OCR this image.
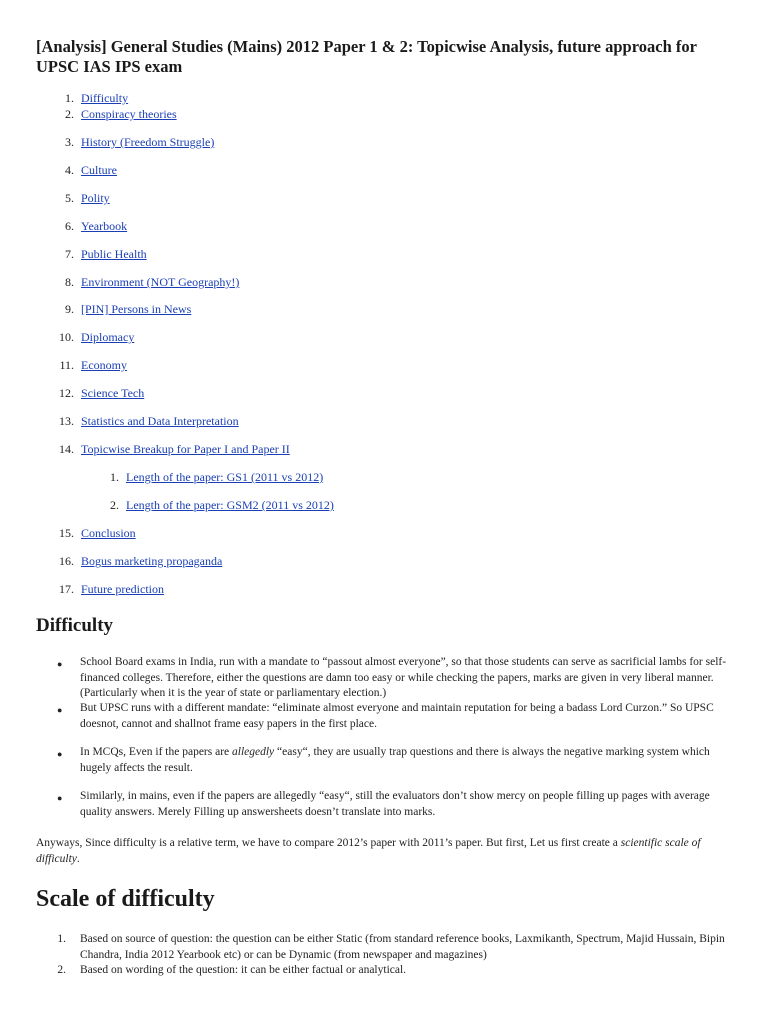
[Analysis] General Studies (Mains) 2012 Paper 1 & 2: Topicwise Analysis, future approach for UPSC IAS IPS exam
1. Difficulty
2. Conspiracy theories
3. History (Freedom Struggle)
4. Culture
5. Polity
6. Yearbook
7. Public Health
8. Environment (NOT Geography!)
9. [PIN] Persons in News
10. Diplomacy
11. Economy
12. Science Tech
13. Statistics and Data Interpretation
14. Topicwise Breakup for Paper I and Paper II
1. Length of the paper: GS1 (2011 vs 2012)
2. Length of the paper: GSM2 (2011 vs 2012)
15. Conclusion
16. Bogus marketing propaganda
17. Future prediction
Difficulty
● School Board exams in India, run with a mandate to “passout almost everyone”, so that those students can serve as sacrificial lambs for self-financed colleges. Therefore, either the questions are damn too easy or while checking the papers, marks are given in very liberal manner. (Particularly when it is the year of state or parliamentary election.)
● But UPSC runs with a different mandate: “eliminate almost everyone and maintain reputation for being a badass Lord Curzon.” So UPSC doesnot, cannot and shallnot frame easy papers in the first place.
● In MCQs, Even if the papers are allegedly “easy“, they are usually trap questions and there is always the negative marking system which hugely affects the result.
● Similarly, in mains, even if the papers are allegedly “easy“, still the evaluators don’t show mercy on people filling up pages with average quality answers. Merely Filling up answersheets doesn’t translate into marks.
Anyways, Since difficulty is a relative term, we have to compare 2012’s paper with 2011’s paper. But first, Let us first create a scientific scale of difficulty.
Scale of difficulty
1. Based on source of question: the question can be either Static (from standard reference books, Laxmikanth, Spectrum, Majid Hussain, Bipin Chandra, India 2012 Yearbook etc) or can be Dynamic (from newspaper and magazines)
2. Based on wording of the question: it can be either factual or analytical.
